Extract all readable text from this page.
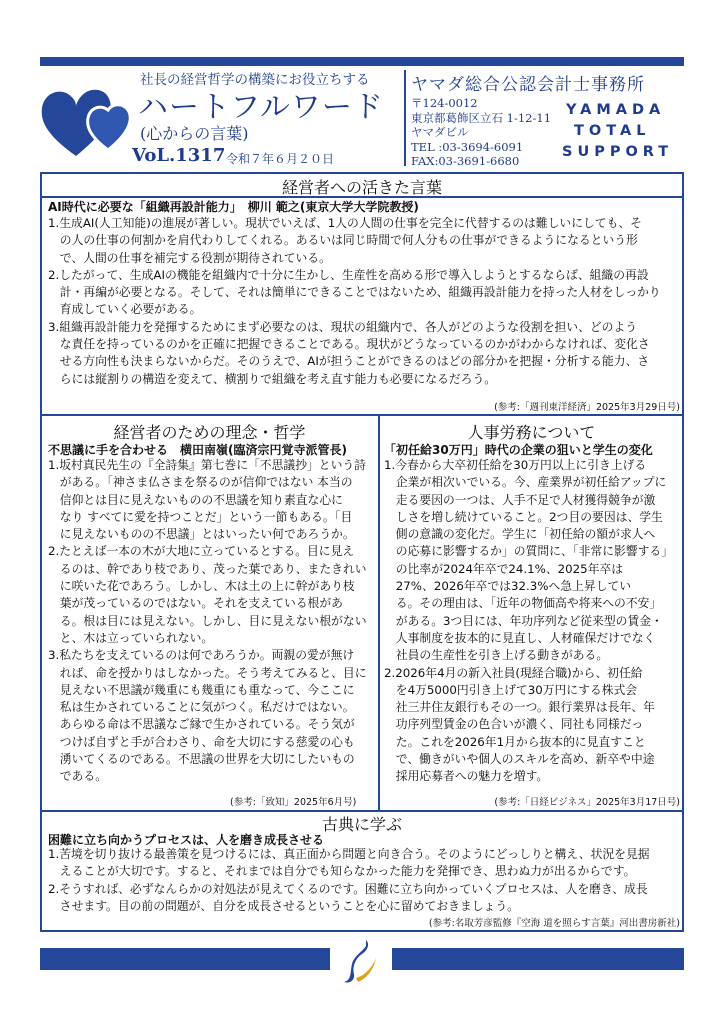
社長の経営哲学の構築にお役立ちする
ハートフルワード
(心からの言葉)
VoL.1317 令和７年６月２０日
ヤマダ総合公認会計士事務所
〒124-0012
東京都葛飾区立石 1-12-11
ヤマダビル
TEL :03-3694-6091
FAX:03-3691-6680
YAMADA
TOTAL
SUPPORT
経営者への活きた言葉
AI時代に必要な「組織再設計能力」　柳川 範之(東京大学大学院教授)
1.生成AI(人工知能)の進展が著しい。現状でいえば、1人の人間の仕事を完全に代替するのは難しいにしても、そ
　の人の仕事の何割かを肩代わりしてくれる。あるいは同じ時間で何人分もの仕事ができるようになるという形
　で、人間の仕事を補完する役割が期待されている。
2.したがって、生成AIの機能を組織内で十分に生かし、生産性を高める形で導入しようとするならば、組織の再設
　計・再編が必要となる。そして、それは簡単にできることではないため、組織再設計能力を持った人材をしっかり
　育成していく必要がある。
3.組織再設計能力を発揮するためにまず必要なのは、現状の組織内で、各人がどのような役割を担い、どのよう
　な責任を持っているのかを正確に把握できることである。現状がどうなっているのかがわからなければ、変化さ
　せる方向性も決まらないからだ。そのうえで、AIが担うことができるのはどの部分かを把握・分析する能力、さ
　らには縦割りの構造を変えて、横割りで組織を考え直す能力も必要になるだろう。
(参考:「週刊東洋経済」2025年3月29日号)
経営者のための理念・哲学
不思議に手を合わせる　横田南嶺(臨済宗円覚寺派管長)
1.坂村真民先生の『全詩集』第七巻に「不思議抄」という詩
　がある。「神さま仏さまを祭るのが信仰ではない 本当の
　信仰とは目に見えないものの不思議を知り素直な心に
　なり すべてに愛を持つことだ」という一節もある。「目
　に見えないものの不思議」とはいったい何であろうか。
2.たとえば一本の木が大地に立っているとする。目に見え
　るのは、幹であり枝であり、茂った葉であり、またきれい
　に咲いた花であろう。しかし、木は土の上に幹があり枝
　葉が茂っているのではない。それを支えている根があ
　る。根は目には見えない。しかし、目に見えない根がない
　と、木は立っていられない。
3.私たちを支えているのは何であろうか。両親の愛が無け
　れば、命を授かりはしなかった。そう考えてみると、目に
　見えない不思議が幾重にも幾重にも重なって、今ここに
　私は生かされていることに気がつく。私だけではない。
　あらゆる命は不思議なご縁で生かされている。そう気が
　つけば自ずと手が合わさり、命を大切にする慈愛の心も
　湧いてくるのである。不思議の世界を大切にしたいもの
　である。
(参考:「致知」2025年6月号)
人事労務について
「初任給30万円」時代の企業の狙いと学生の変化
1.今春から大卒初任給を30万円以上に引き上げる
　企業が相次いでいる。今、産業界が初任給アップに
　走る要因の一つは、人手不足で人材獲得競争が激
　しさを増し続けていること。2つ目の要因は、学生
　側の意識の変化だ。学生に「初任給の額が求人へ
　の応募に影響するか」の質問に、「非常に影響する」
　の比率が2024年卒で24.1%、2025年卒は
　27%、2026年卒では32.3%へ急上昇してい
　る。その理由は、「近年の物価高や将来への不安」
　がある。3つ目には、年功序列など従来型の賃金・
　人事制度を抜本的に見直し、人材確保だけでなく
　社員の生産性を引き上げる動きがある。
2.2026年4月の新入社員(現経合職)から、初任給
　を4万5000円引き上げて30万円にする株式会
　社三井住友銀行もその一つ。銀行業界は長年、年
　功序列型賃金の色合いが濃く、同社も同様だっ
　た。これを2026年1月から抜本的に見直すこと
　で、働きがいや個人のスキルを高め、新卒や中途
　採用応募者への魅力を増す。
(参考:「日経ビジネス」2025年3月17日号)
古典に学ぶ
困難に立ち向かうプロセスは、人を磨き成長させる
1.苦境を切り抜ける最善策を見つけるには、真正面から問題と向き合う。そのようにどっしりと構え、状況を見据
　えることが大切です。すると、それまでは自分でも知らなかった能力を発揮でき、思わぬ力が出るからです。
2.そうすれば、必ずなんらかの対処法が見えてくるのです。困難に立ち向かっていくプロセスは、人を磨き、成長
　させます。目の前の問題が、自分を成長させるということを心に留めておきましょう。
(参考:名取芳彦監修『空海 道を照らす言葉』河出書房新社)
